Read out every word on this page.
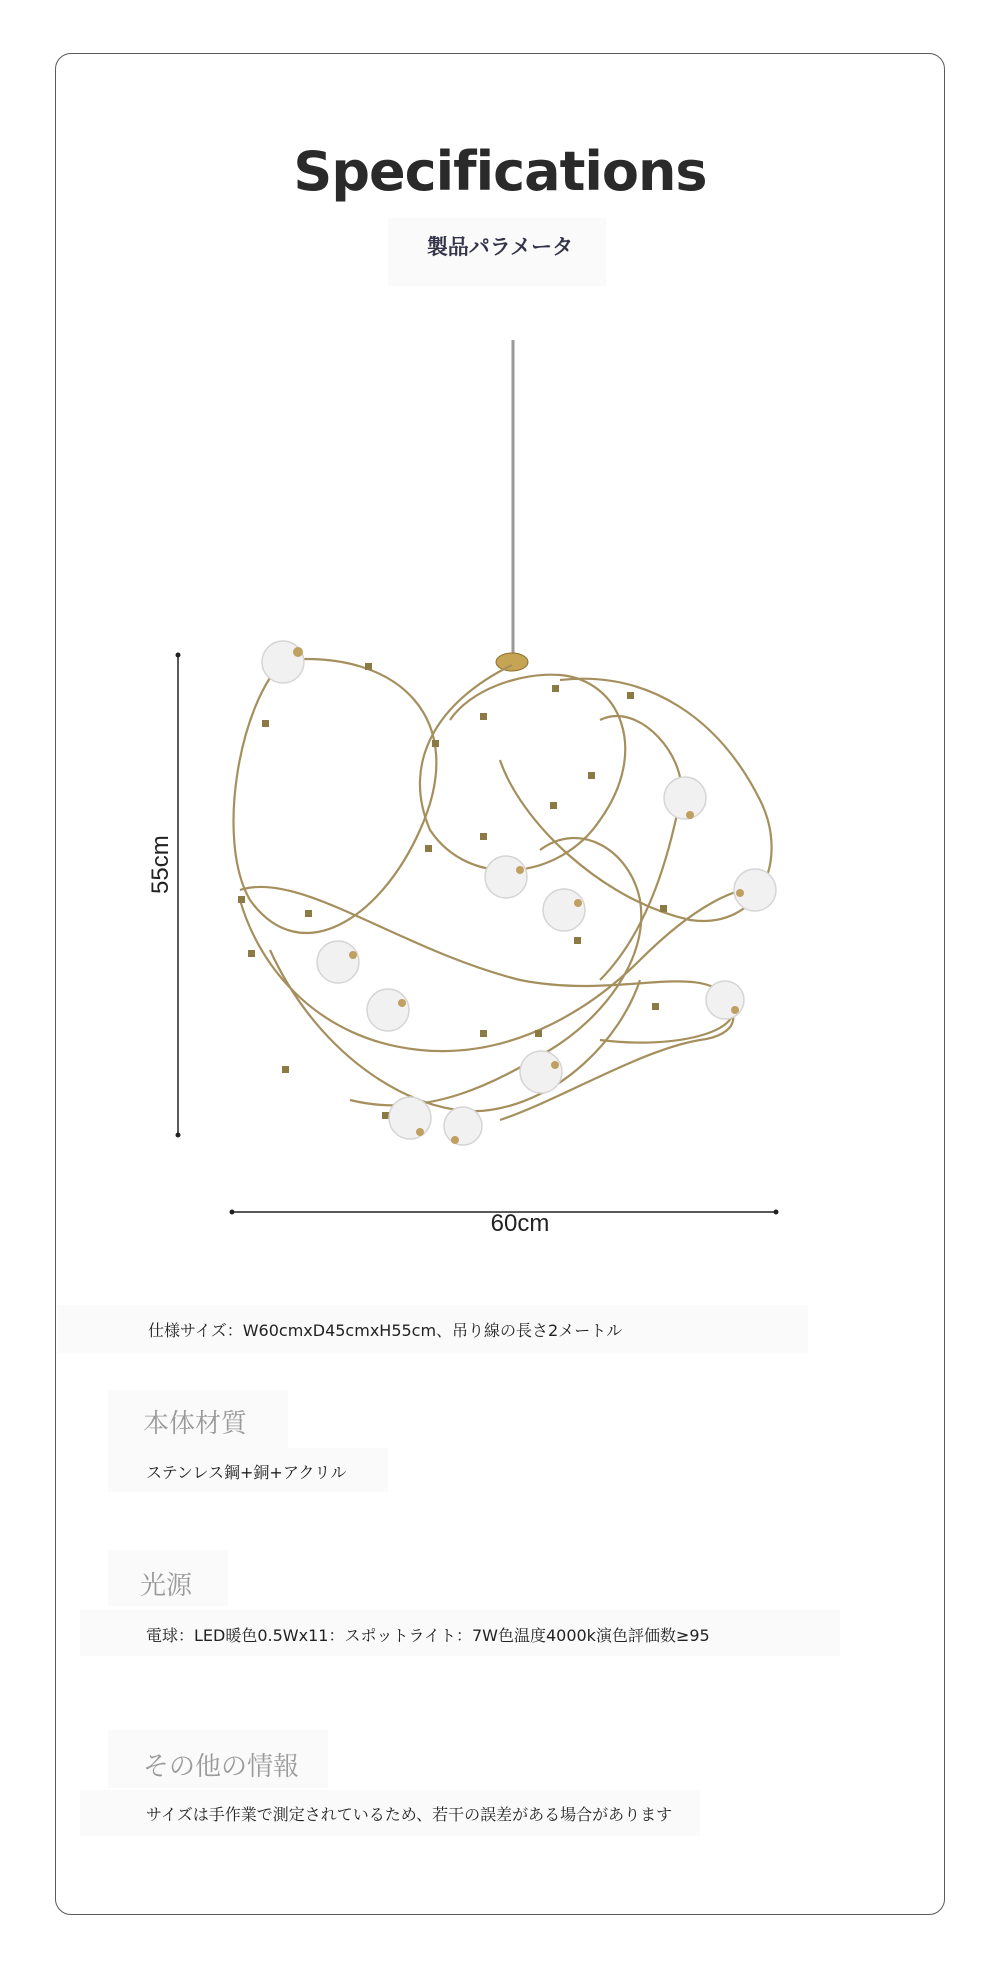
Specifications
製品パラメータ
55cm
60cm
仕様サイズ：W60cmxD45cmxH55cm、吊り線の長さ2メートル
本体材質
ステンレス鋼+銅+アクリル
光源
電球：LED暖色0.5Wx11：スポットライト：7W色温度4000k演色評価数≥95
その他の情報
サイズは手作業で測定されているため、若干の誤差がある場合があります
